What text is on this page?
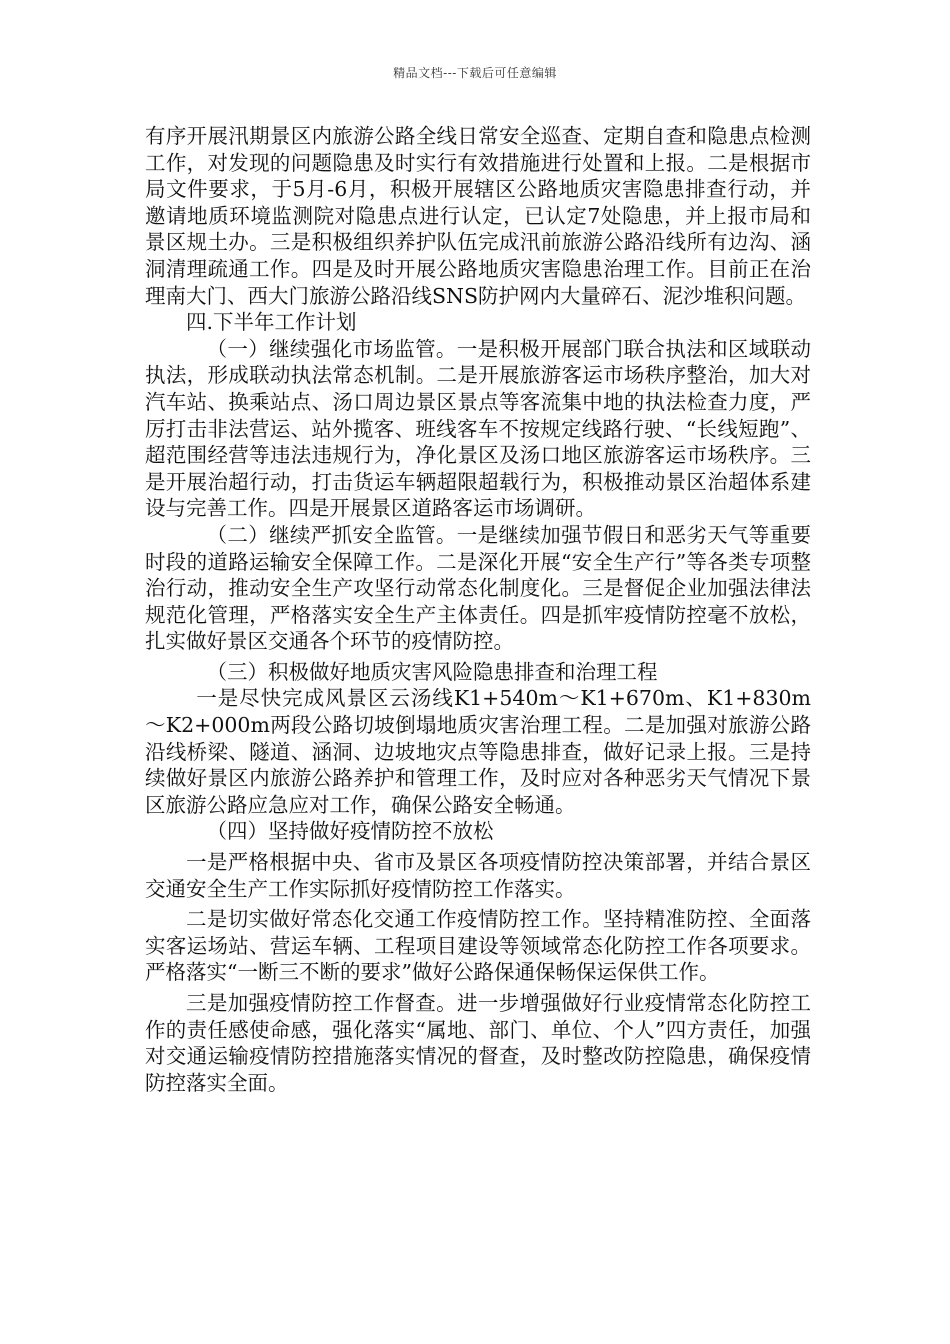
精品文档---下载后可任意编辑

有序开展汛期景区内旅游公路全线日常安全巡查、定期自查和隐患点检测工作，对发现的问题隐患及时实行有效措施进行处置和上报。二是根据市局文件要求，于5月-6月，积极开展辖区公路地质灾害隐患排查行动，并邀请地质环境监测院对隐患点进行认定，已认定7处隐患，并上报市局和景区规土办。三是积极组织养护队伍完成汛前旅游公路沿线所有边沟、涵洞清理疏通工作。四是及时开展公路地质灾害隐患治理工作。目前正在治理南大门、西大门旅游公路沿线SNS防护网内大量碎石、泥沙堆积问题。

四.下半年工作计划

（一）继续强化市场监管。一是积极开展部门联合执法和区域联动执法，形成联动执法常态机制。二是开展旅游客运市场秩序整治，加大对汽车站、换乘站点、汤口周边景区景点等客流集中地的执法检查力度，严厉打击非法营运、站外揽客、班线客车不按规定线路行驶、“长线短跑”、超范围经营等违法违规行为，净化景区及汤口地区旅游客运市场秩序。三是开展治超行动，打击货运车辆超限超载行为，积极推动景区治超体系建设与完善工作。四是开展景区道路客运市场调研。

（二）继续严抓安全监管。一是继续加强节假日和恶劣天气等重要时段的道路运输安全保障工作。二是深化开展“安全生产行”等各类专项整治行动，推动安全生产攻坚行动常态化制度化。三是督促企业加强法律法规范化管理，严格落实安全生产主体责任。四是抓牢疫情防控毫不放松，扎实做好景区交通各个环节的疫情防控。

（三）积极做好地质灾害风险隐患排查和治理工程

一是尽快完成风景区云汤线K1+540m～K1+670m、K1+830m～K2+000m两段公路切坡倒塌地质灾害治理工程。二是加强对旅游公路沿线桥梁、隧道、涵洞、边坡地灾点等隐患排查，做好记录上报。三是持续做好景区内旅游公路养护和管理工作，及时应对各种恶劣天气情况下景区旅游公路应急应对工作，确保公路安全畅通。

（四）坚持做好疫情防控不放松

一是严格根据中央、省市及景区各项疫情防控决策部署，并结合景区交通安全生产工作实际抓好疫情防控工作落实。

二是切实做好常态化交通工作疫情防控工作。坚持精准防控、全面落实客运场站、营运车辆、工程项目建设等领域常态化防控工作各项要求。严格落实“一断三不断的要求”做好公路保通保畅保运保供工作。

三是加强疫情防控工作督查。进一步增强做好行业疫情常态化防控工作的责任感使命感，强化落实“属地、部门、单位、个人”四方责任，加强对交通运输疫情防控措施落实情况的督查，及时整改防控隐患，确保疫情防控落实全面。
